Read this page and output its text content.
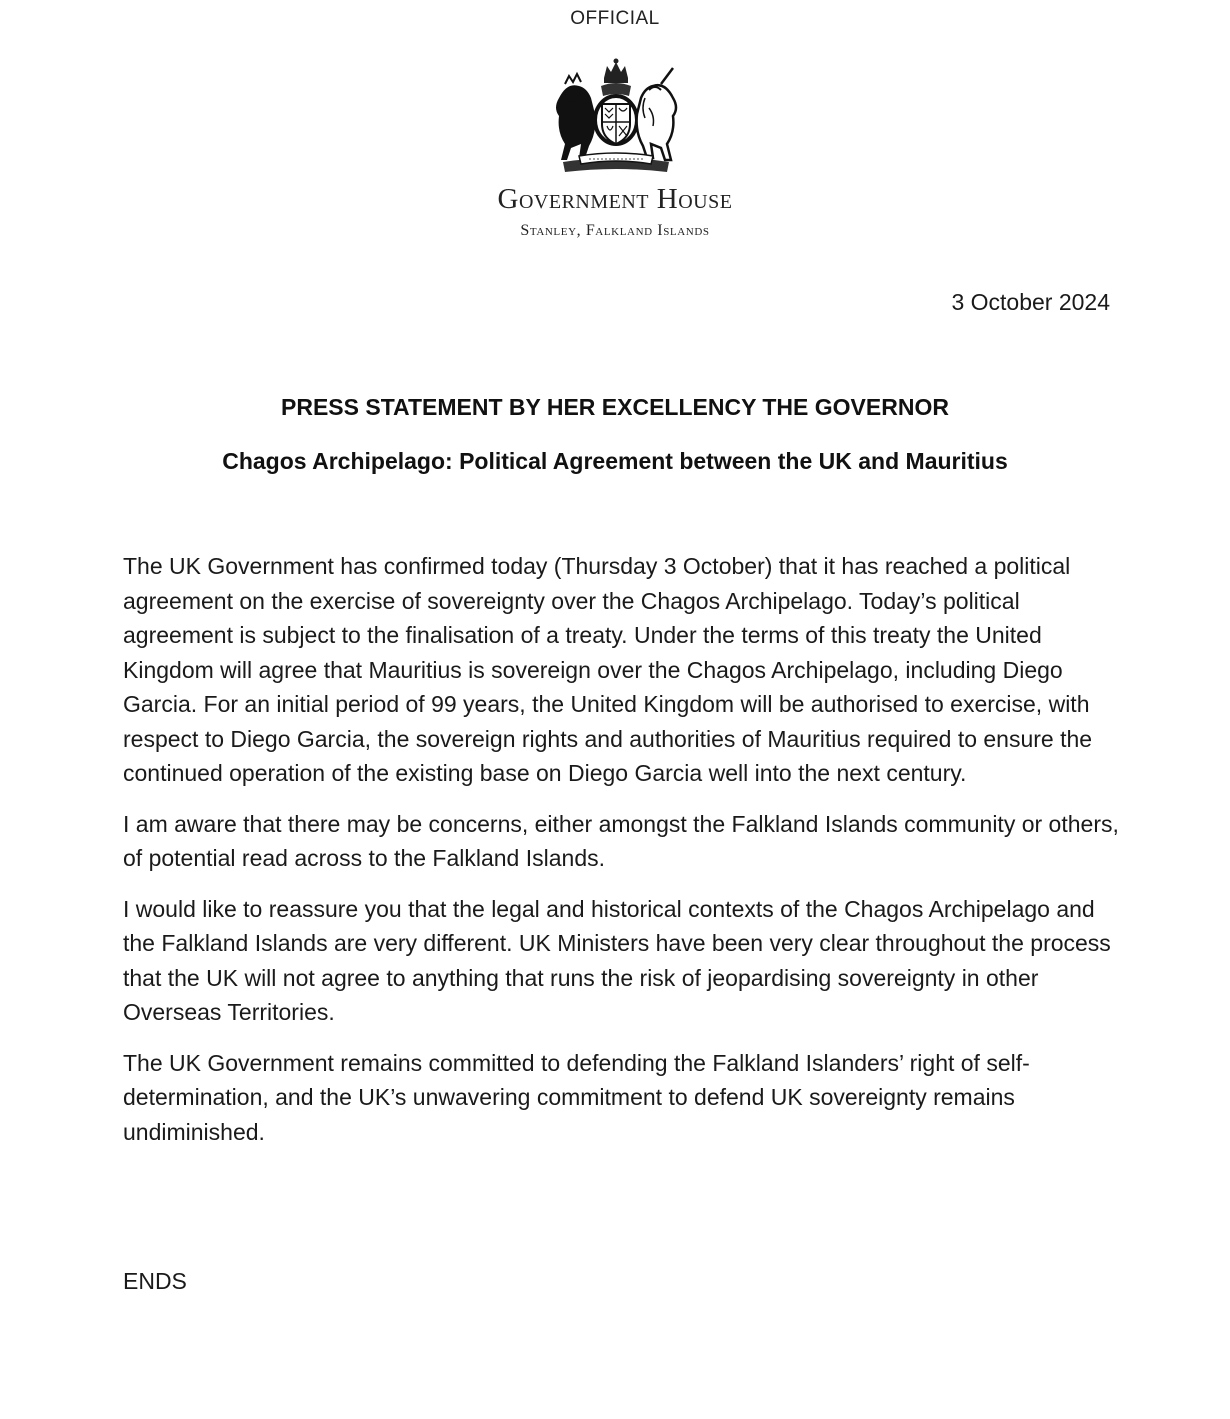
OFFICIAL
Government House
Stanley, Falkland Islands
3 October 2024
PRESS STATEMENT BY HER EXCELLENCY THE GOVERNOR
Chagos Archipelago: Political Agreement between the UK and Mauritius

The UK Government has confirmed today (Thursday 3 October) that it has reached a political agreement on the exercise of sovereignty over the Chagos Archipelago. Today’s political agreement is subject to the finalisation of a treaty. Under the terms of this treaty the United Kingdom will agree that Mauritius is sovereign over the Chagos Archipelago, including Diego Garcia. For an initial period of 99 years, the United Kingdom will be authorised to exercise, with respect to Diego Garcia, the sovereign rights and authorities of Mauritius required to ensure the continued operation of the existing base on Diego Garcia well into the next century.

I am aware that there may be concerns, either amongst the Falkland Islands community or others, of potential read across to the Falkland Islands.

I would like to reassure you that the legal and historical contexts of the Chagos Archipelago and the Falkland Islands are very different. UK Ministers have been very clear throughout the process that the UK will not agree to anything that runs the risk of jeopardising sovereignty in other Overseas Territories.

The UK Government remains committed to defending the Falkland Islanders’ right of self-determination, and the UK’s unwavering commitment to defend UK sovereignty remains undiminished.

ENDS
